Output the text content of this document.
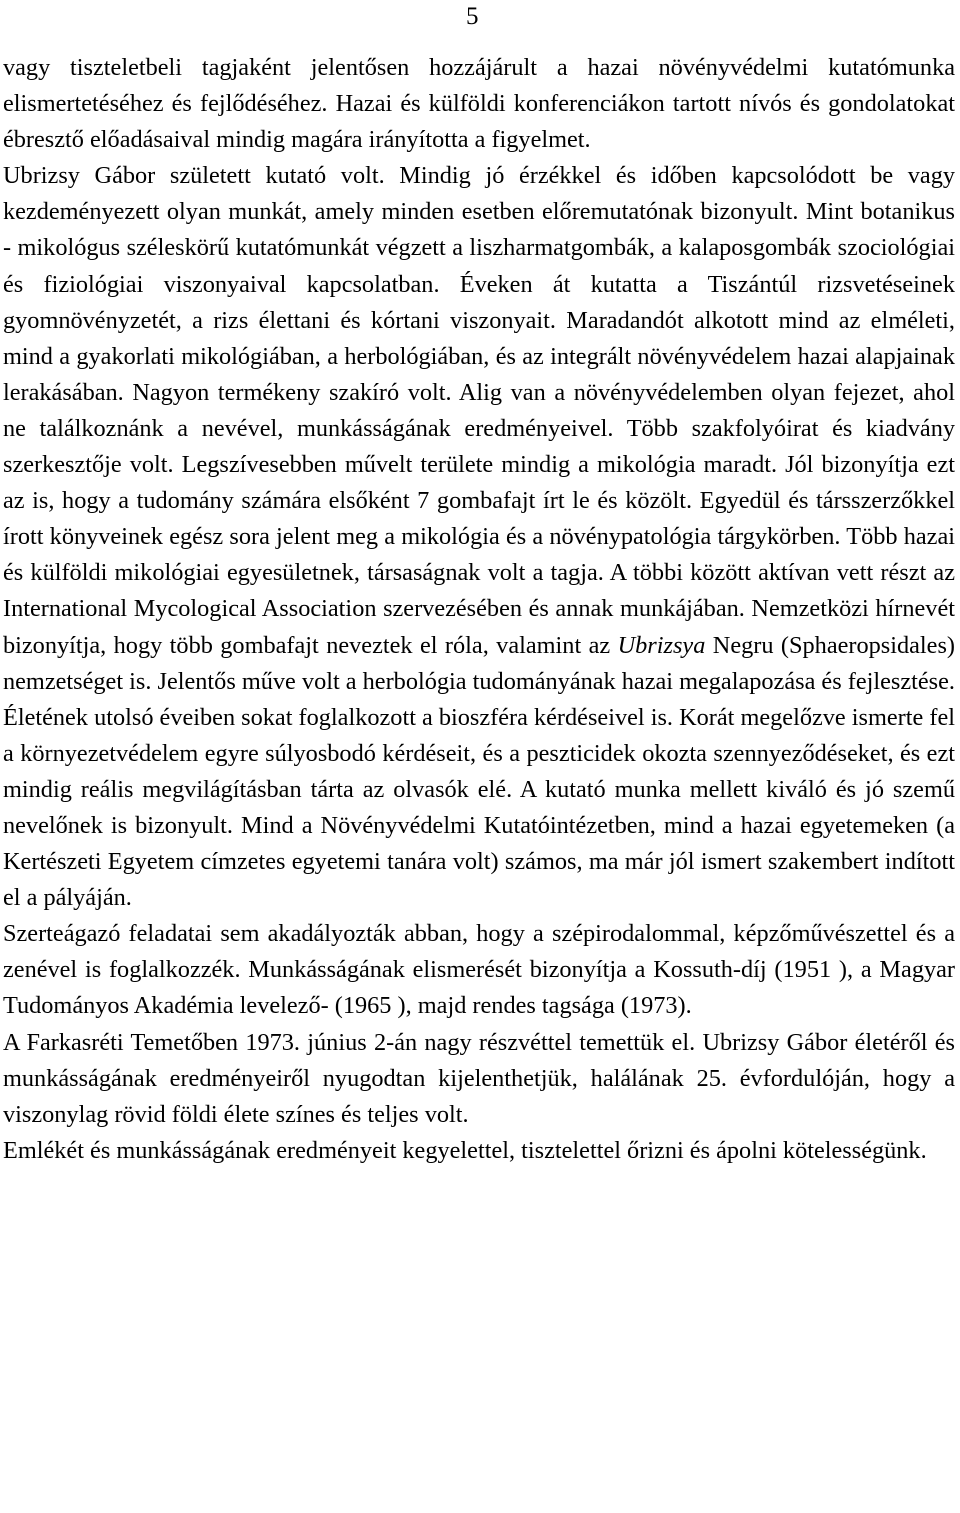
5

vagy tiszteletbeli tagjaként jelentősen hozzájárult a hazai növényvédelmi kutatómunka elismertetéséhez és fejlődéséhez. Hazai és külföldi konferenciákon tartott nívós és gondolatokat ébresztő előadásaival mindig magára irányította a figyelmet.

Ubrizsy Gábor született kutató volt. Mindig jó érzékkel és időben kapcsolódott be vagy kezdeményezett olyan munkát, amely minden esetben előremutatónak bizonyult. Mint botanikus - mikológus széleskörű kutatómunkát végzett a liszharmatgombák, a kalaposgombák szociológiai és fiziológiai viszonyaival kapcsolatban. Éveken át kutatta a Tiszántúl rizsvetéseinek gyomnövényzetét, a rizs élettani és kórtani viszonyait. Maradandót alkotott mind az elméleti, mind a gyakorlati mikológiában, a herbológiában, és az integrált növényvédelem hazai alapjainak lerakásában. Nagyon termékeny szakíró volt. Alig van a növényvédelemben olyan fejezet, ahol ne találkoznánk a nevével, munkásságának eredményeivel. Több szakfolyóirat és kiadvány szerkesztője volt. Legszívesebben művelt területe mindig a mikológia maradt. Jól bizonyítja ezt az is, hogy a tudomány számára elsőként 7 gombafajt írt le és közölt. Egyedül és társszerzőkkel írott könyveinek egész sora jelent meg a mikológia és a növénypatológia tárgykörben. Több hazai és külföldi mikológiai egyesületnek, társaságnak volt a tagja. A többi között aktívan vett részt az International Mycological Association szervezésében és annak munkájában. Nemzetközi hírnevét bizonyítja, hogy több gombafajt neveztek el róla, valamint az Ubrizsya Negru (Sphaeropsidales) nemzetséget is. Jelentős műve volt a herbológia tudományának hazai megalapozása és fejlesztése. Életének utolsó éveiben sokat foglalkozott a bioszféra kérdéseivel is. Korát megelőzve ismerte fel a környezetvédelem egyre súlyosbodó kérdéseit, és a peszticidek okozta szennyeződéseket, és ezt mindig reális megvilágításban tárta az olvasók elé. A kutató munka mellett kiváló és jó szemű nevelőnek is bizonyult. Mind a Növényvédelmi Kutatóintézetben, mind a hazai egyetemeken (a Kertészeti Egyetem címzetes egyetemi tanára volt) számos, ma már jól ismert szakembert indított el a pályáján.

Szerteágazó feladatai sem akadályozták abban, hogy a szépirodalommal, képzőművészettel és a zenével is foglalkozzék. Munkásságának elismerését bizonyítja a Kossuth-díj (1951 ), a Magyar Tudományos Akadémia levelező- (1965 ), majd rendes tagsága (1973).

A Farkasréti Temetőben 1973. június 2-án nagy részvéttel temettük el. Ubrizsy Gábor életéről és munkásságának eredményeiről nyugodtan kijelenthetjük, halálának 25. évfordulóján, hogy a viszonylag rövid földi élete színes és teljes volt.

Emlékét és munkásságának eredményeit kegyelettel, tisztelettel őrizni és ápolni kötelességünk.
